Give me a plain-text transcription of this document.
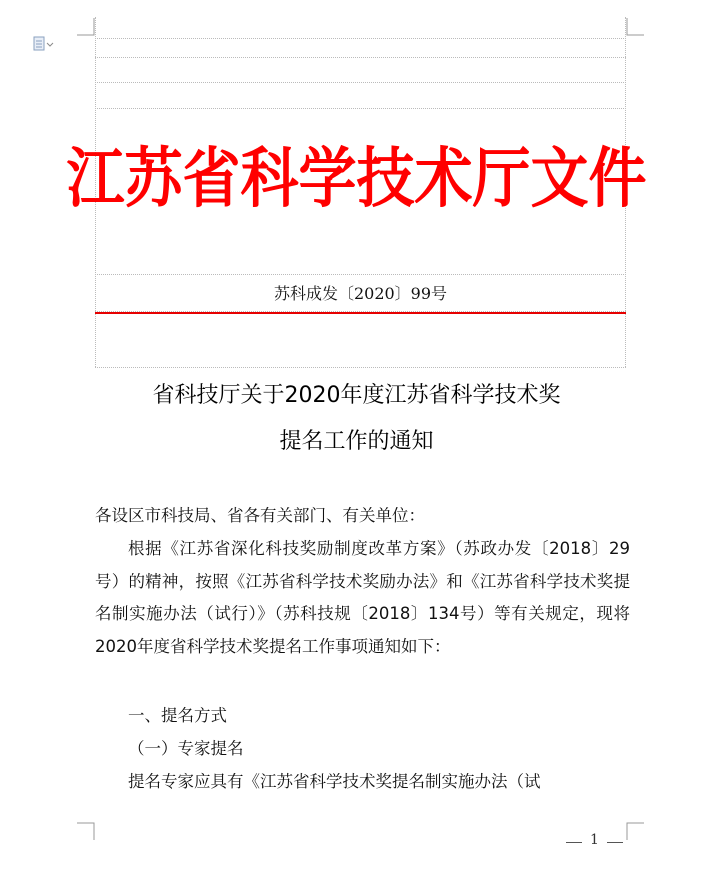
江苏省科学技术厅文件
苏科成发〔2020〕99号
省科技厅关于2020年度江苏省科学技术奖
提名工作的通知
各设区市科技局、省各有关部门、有关单位：
根据《江苏省深化科技奖励制度改革方案》（苏政办发〔2018〕29号）的精神，按照《江苏省科学技术奖励办法》和《江苏省科学技术奖提名制实施办法（试行）》（苏科技规〔2018〕134号）等有关规定，现将2020年度省科学技术奖提名工作事项通知如下：
一、提名方式
（一）专家提名
提名专家应具有《江苏省科学技术奖提名制实施办法（试
1
